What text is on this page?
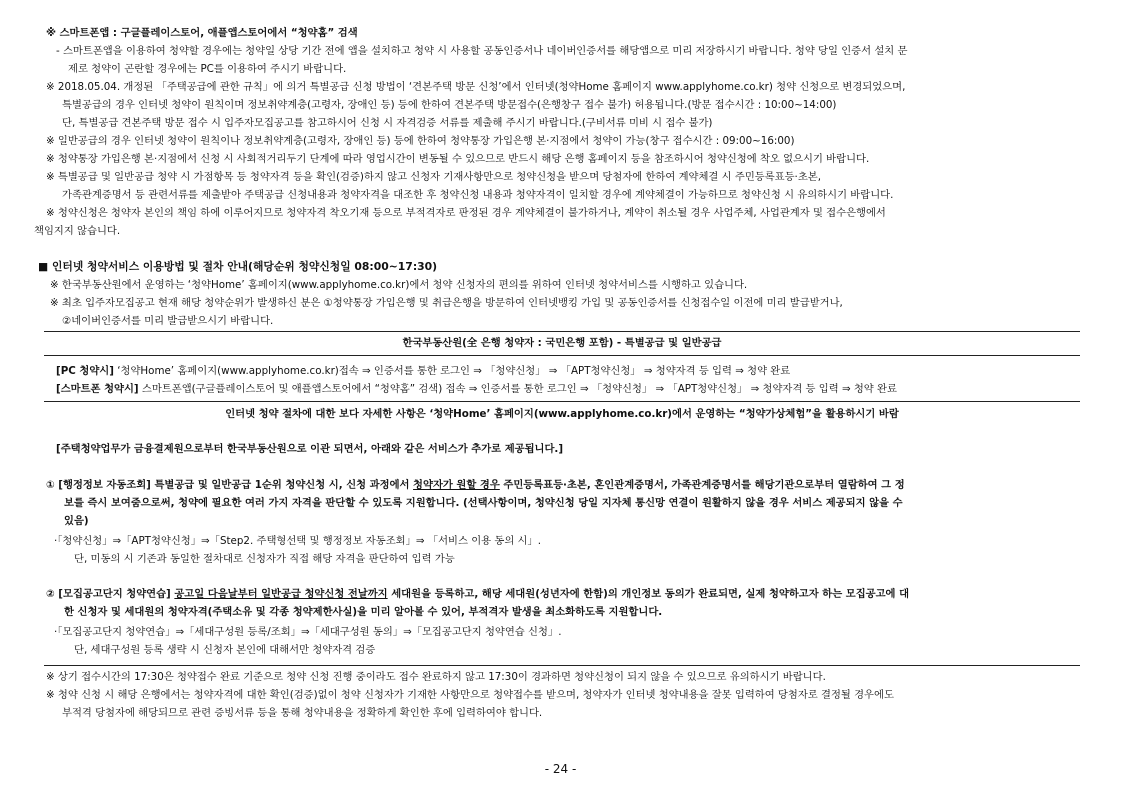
※ 스마트폰앱 : 구글플레이스토어, 애플앱스토어에서 “청약홈” 검색
- 스마트폰앱을 이용하여 청약할 경우에는 청약일 상당 기간 전에 앱을 설치하고 청약 시 사용할 공동인증서나 네이버인증서를 해당앱으로 미리 저장하시기 바랍니다. 청약 당일 인증서 설치 문
제로 청약이 곤란할 경우에는 PC를 이용하여 주시기 바랍니다.
※ 2018.05.04. 개정된 「주택공급에 관한 규칙」에 의거 특별공급 신청 방법이 ‘견본주택 방문 신청’에서 인터넷(청약Home 홈페이지 www.applyhome.co.kr) 청약 신청으로 변경되었으며,
특별공급의 경우 인터넷 청약이 원칙이며 정보취약계층(고령자, 장애인 등) 등에 한하여 견본주택 방문접수(은행창구 접수 불가) 허용됩니다.(방문 접수시간 : 10:00~14:00)
단, 특별공급 견본주택 방문 접수 시 입주자모집공고를 참고하시어 신청 시 자격검증 서류를 제출해 주시기 바랍니다.(구비서류 미비 시 접수 불가)
※ 일반공급의 경우 인터넷 청약이 원칙이나 정보취약계층(고령자, 장애인 등) 등에 한하여 청약통장 가입은행 본·지점에서 청약이 가능(창구 접수시간 : 09:00~16:00)
※ 청약통장 가입은행 본·지점에서 신청 시 사회적거리두기 단계에 따라 영업시간이 변동될 수 있으므로 반드시 해당 은행 홈페이지 등을 참조하시어 청약신청에 착오 없으시기 바랍니다.
※ 특별공급 및 일반공급 청약 시 가점항목 등 청약자격 등을 확인(검증)하지 않고 신청자 기재사항만으로 청약신청을 받으며 당첨자에 한하여 계약체결 시 주민등록표등·초본,
가족관계증명서 등 관련서류를 제출받아 주택공급 신청내용과 청약자격을 대조한 후 청약신청 내용과 청약자격이 일치할 경우에 계약체결이 가능하므로 청약신청 시 유의하시기 바랍니다.
※ 청약신청은 청약자 본인의 책임 하에 이루어지므로 청약자격 착오기재 등으로 부적격자로 판정된 경우 계약체결이 불가하거나, 계약이 취소될 경우 사업주체, 사업관계자 및 접수은행에서
책임지지 않습니다.
■ 인터넷 청약서비스 이용방법 및 절차 안내(해당순위 청약신청일 08:00~17:30)
※ 한국부동산원에서 운영하는 ‘청약Home’ 홈페이지(www.applyhome.co.kr)에서 청약 신청자의 편의를 위하여 인터넷 청약서비스를 시행하고 있습니다.
※ 최초 입주자모집공고 현재 해당 청약순위가 발생하신 분은 ①청약통장 가입은행 및 취급은행을 방문하여 인터넷뱅킹 가입 및 공동인증서를 신청접수일 이전에 미리 발급받거나,
②네이버인증서를 미리 발급받으시기 바랍니다.
한국부동산원(全 은행 청약자 : 국민은행 포함) - 특별공급 및 일반공급
[PC 청약시] ‘청약Home’ 홈페이지(www.applyhome.co.kr)접속 ⇒ 인증서를 통한 로그인 ⇒ 「청약신청」 ⇒ 「APT청약신청」 ⇒ 청약자격 등 입력 ⇒ 청약 완료
[스마트폰 청약시] 스마트폰앱(구글플레이스토어 및 애플앱스토어에서 “청약홈” 검색) 접속 ⇒ 인증서를 통한 로그인 ⇒ 「청약신청」 ⇒ 「APT청약신청」 ⇒ 청약자격 등 입력 ⇒ 청약 완료
인터넷 청약 절차에 대한 보다 자세한 사항은 ‘청약Home’ 홈페이지(www.applyhome.co.kr)에서 운영하는 “청약가상체험”을 활용하시기 바람
[주택청약업무가 금융결제원으로부터 한국부동산원으로 이관 되면서, 아래와 같은 서비스가 추가로 제공됩니다.]
① [행정정보 자동조회] 특별공급 및 일반공급 1순위 청약신청 시, 신청 과정에서 청약자가 원할 경우 주민등록표등·초본, 혼인관계증명서, 가족관계증명서를 해당기관으로부터 열람하여 그 정
보를 즉시 보여줌으로써, 청약에 필요한 여러 가지 자격을 판단할 수 있도록 지원합니다. (선택사항이며, 청약신청 당일 지자체 통신망 연결이 원활하지 않을 경우 서비스 제공되지 않을 수
있음)
·「청약신청」⇒「APT청약신청」⇒「Step2. 주택형선택 및 행정정보 자동조회」⇒ 「서비스 이용 동의 시」.
단, 미동의 시 기존과 동일한 절차대로 신청자가 직접 해당 자격을 판단하여 입력 가능
② [모집공고단지 청약연습] 공고일 다음날부터 일반공급 청약신청 전날까지 세대원을 등록하고, 해당 세대원(성년자에 한함)의 개인정보 동의가 완료되면, 실제 청약하고자 하는 모집공고에 대
한 신청자 및 세대원의 청약자격(주택소유 및 각종 청약제한사실)을 미리 알아볼 수 있어, 부적격자 발생을 최소화하도록 지원합니다.
·「모집공고단지 청약연습」⇒「세대구성원 등록/조회」⇒「세대구성원 동의」⇒「모집공고단지 청약연습 신청」.
단, 세대구성원 등록 생략 시 신청자 본인에 대해서만 청약자격 검증
※ 상기 접수시간의 17:30은 청약접수 완료 기준으로 청약 신청 진행 중이라도 접수 완료하지 않고 17:30이 경과하면 청약신청이 되지 않을 수 있으므로 유의하시기 바랍니다.
※ 청약 신청 시 해당 은행에서는 청약자격에 대한 확인(검증)없이 청약 신청자가 기재한 사항만으로 청약접수를 받으며, 청약자가 인터넷 청약내용을 잘못 입력하여 당첨자로 결정될 경우에도
부적격 당첨자에 해당되므로 관련 증빙서류 등을 통해 청약내용을 정확하게 확인한 후에 입력하여야 합니다.
- 24 -
